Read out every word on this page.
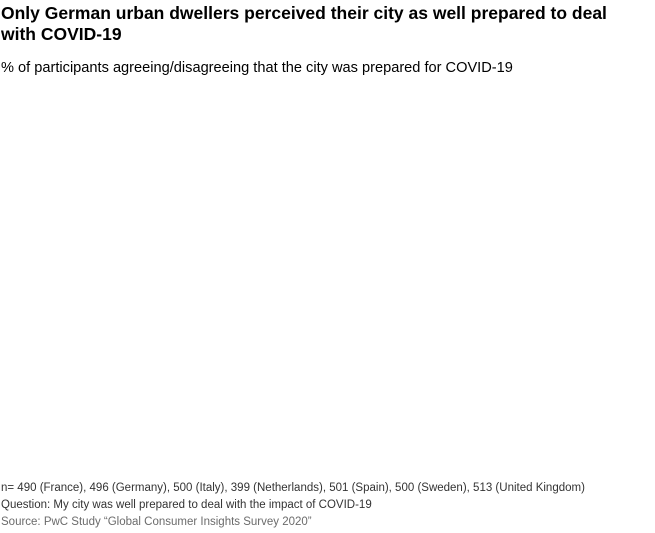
Only German urban dwellers perceived their city as well prepared to deal with COVID-19

% of participants agreeing/disagreeing that the city was prepared for COVID-19

n= 490 (France), 496 (Germany), 500 (Italy), 399 (Netherlands), 501 (Spain), 500 (Sweden), 513 (United Kingdom)
Question: My city was well prepared to deal with the impact of COVID-19
Source: PwC Study “Global Consumer Insights Survey 2020”
